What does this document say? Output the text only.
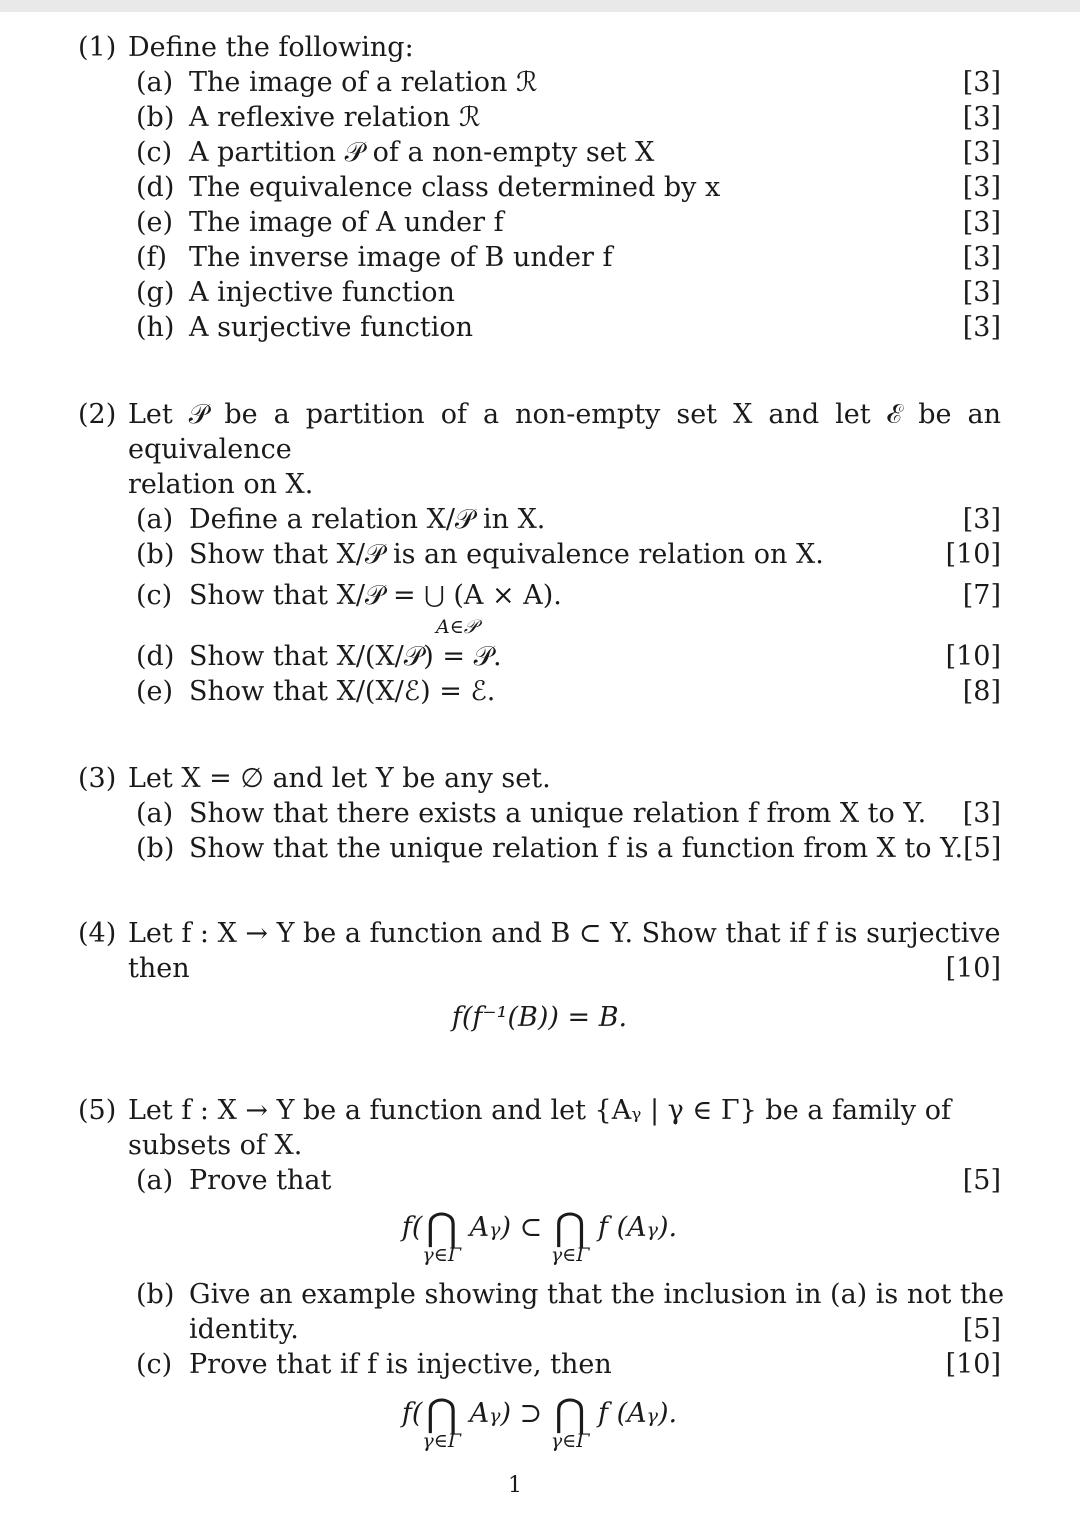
(1) Define the following:
(a) The image of a relation ℛ	[3]
(b) A reflexive relation ℛ	[3]
(c) A partition 𝒫 of a non-empty set X	[3]
(d) The equivalence class determined by x	[3]
(e) The image of A under f	[3]
(f) The inverse image of B under f	[3]
(g) A injective function	[3]
(h) A surjective function	[3]
(2) Let 𝒫 be a partition of a non-empty set X and let ℰ be an equivalence
relation on X.
(a) Define a relation X/𝒫 in X.	[3]
(b) Show that X/𝒫 is an equivalence relation on X.	[10]
(c) Show that X/𝒫 = ⋃ (A × A).	[7]
A∈𝒫
(d) Show that X/(X/𝒫) = 𝒫.	[10]
(e) Show that X/(X/ℰ) = ℰ.	[8]
(3) Let X = ∅ and let Y be any set.
(a) Show that there exists a unique relation f from X to Y.	[3]
(b) Show that the unique relation f is a function from X to Y. [5]
(4) Let f : X → Y be a function and B ⊂ Y. Show that if f is surjective
then	[10]
f(f⁻¹(B)) = B.
(5) Let f : X → Y be a function and let {Aᵧ | γ ∈ Γ} be a family of
subsets of X.
(a) Prove that	[5]
f(⋂
γ∈Γ
Aγ) ⊂ ⋂
γ∈Γ
f (Aγ).
(b) Give an example showing that the inclusion in (a) is not the
identity.	[5]
(c) Prove that if f is injective, then	[10]
f(⋂
γ∈Γ
Aγ) ⊃ ⋂
γ∈Γ
f (Aγ).
1
